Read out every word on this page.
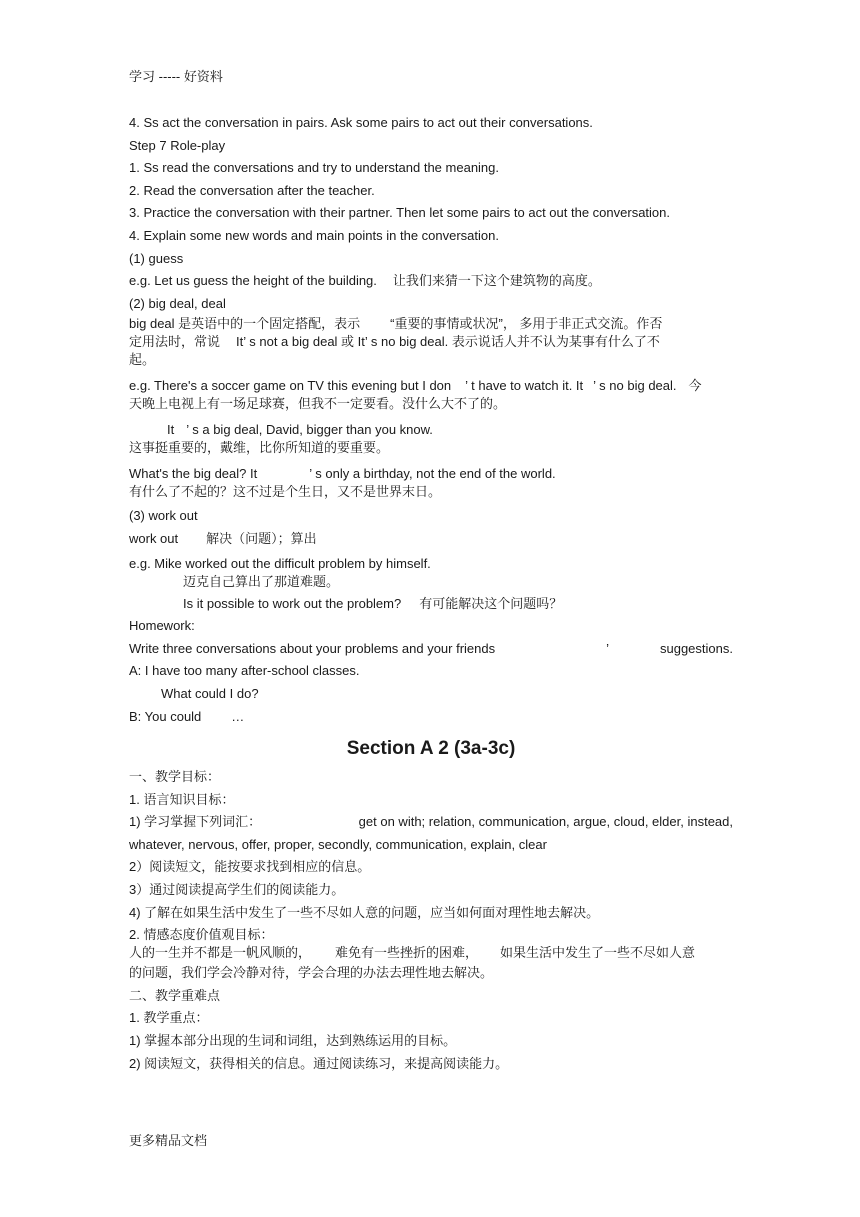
学习 ----- 好资料
4. Ss act the conversation in pairs. Ask some pairs to act out their conversations.
Step 7 Role-play
1. Ss read the conversations and try to understand the meaning.
2. Read the conversation after the teacher.
3. Practice the conversation with their partner. Then let some pairs to act out the conversation.
4. Explain some new words and main points in the conversation.
(1) guess
e.g. Let us guess the height of the building. 让我们来猜一下这个建筑物的高度。
(2) big deal, deal
big deal 是英语中的一个固定搭配，表示 “重要的事情或状况”， 多用于非正式交流。作否
定用法时，常说 It’ s not a big deal 或 It’ s no big deal. 表示说话人并不认为某事有什么了不
起。
e.g. There's a soccer game on TV this evening but I don ’ t have to watch it. It ’ s no big deal. 今
天晚上电视上有一场足球赛，但我不一定要看。没什么大不了的。
It ’ s a big deal, David, bigger than you know.
这事挺重要的，戴维，比你所知道的要重要。
What's the big deal? It	’ s only a birthday, not the end of the world.
有什么了不起的？这不过是个生日，又不是世界末日。
(3) work out
work out 解决（问题）；算出
e.g. Mike worked out the difficult problem by himself.
迈克自己算出了那道难题。
Is it possible to work out the problem? 有可能解决这个问题吗？
Homework:
Write three conversations about your problems and your friends	’	suggestions.
A: I have too many after-school classes.
What could I do?
B: You could …
Section A 2 (3a-3c)
一、教学目标：
1. 语言知识目标：
1) 学习掌握下列词汇：	get on with; relation, communication, argue, cloud, elder, instead,
whatever, nervous, offer, proper, secondly, communication, explain, clear
2）阅读短文，能按要求找到相应的信息。
3）通过阅读提高学生们的阅读能力。
4) 了解在如果生活中发生了一些不尽如人意的问题，应当如何面对理性地去解决。
2. 情感态度价值观目标：
人的一生并不都是一帆风顺的， 难免有一些挫折的困难， 如果生活中发生了一些不尽如人意
的问题，我们学会冷静对待，学会合理的办法去理性地去解决。
二、教学重难点
1. 教学重点：
1) 掌握本部分出现的生词和词组，达到熟练运用的目标。
2) 阅读短文，获得相关的信息。通过阅读练习，来提高阅读能力。
更多精品文档
